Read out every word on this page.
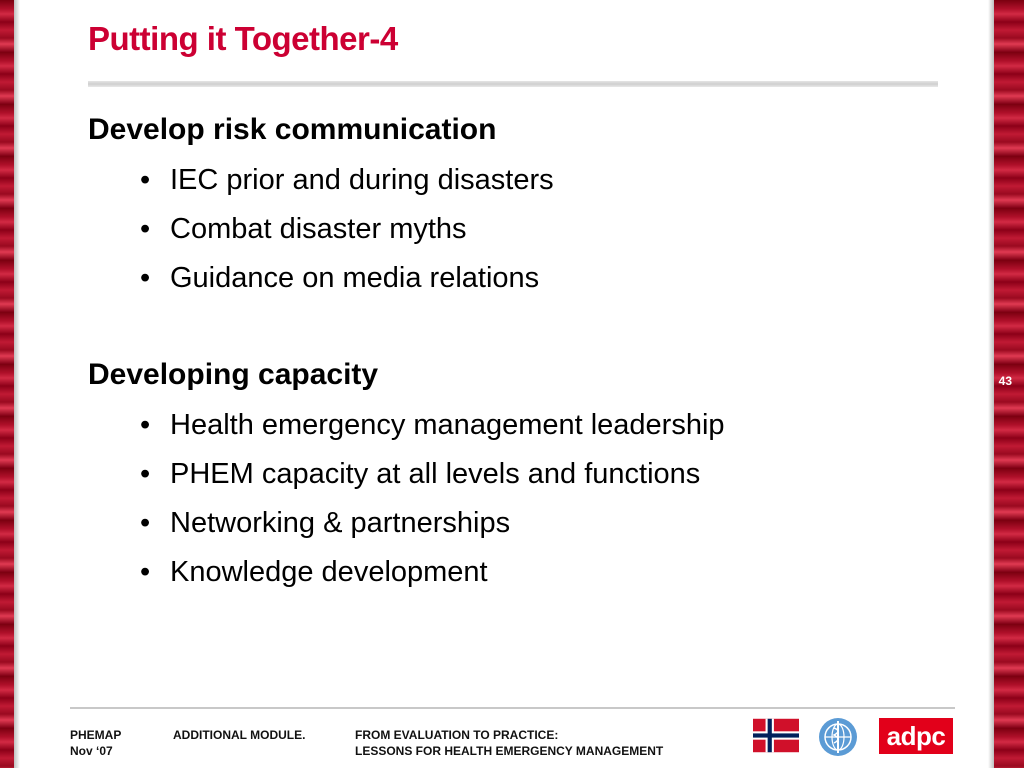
Putting it Together-4

Develop risk communication

• IEC prior and during disasters
• Combat disaster myths
• Guidance on media relations

Developing capacity

• Health emergency management leadership
• PHEM capacity at all levels and functions
• Networking & partnerships
• Knowledge development
43
PHEMAP
Nov ‘07
ADDITIONAL MODULE.	FROM EVALUATION TO PRACTICE:
LESSONS FOR HEALTH EMERGENCY MANAGEMENT	adpc
